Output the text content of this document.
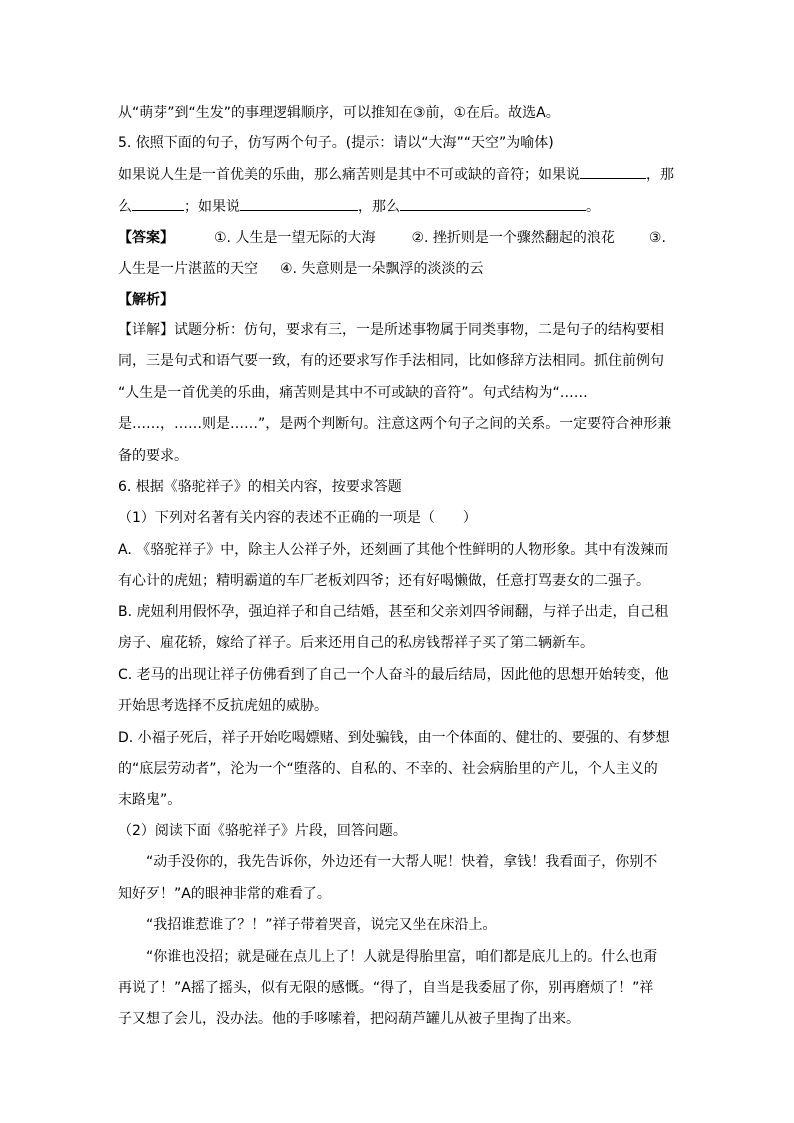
从“萌芽”到“生发”的事理逻辑顺序，可以推知在③前，①在后。故选A。
5. 依照下面的句子，仿写两个句子。(提示：请以“大海”“天空”为喻体)
如果说人生是一首优美的乐曲，那么痛苦则是其中不可或缺的音符；如果说	，那
么	；如果说	，那么	。
【答案】	①. 人生是一望无际的大海	②. 挫折则是一个骤然翻起的浪花 ③.
人生是一片湛蓝的天空 ④. 失意则是一朵飘浮的淡淡的云
【解析】
【详解】试题分析：仿句，要求有三，一是所述事物属于同类事物，二是句子的结构要相
同，三是句式和语气要一致，有的还要求写作手法相同，比如修辞方法相同。抓住前例句
“人生是一首优美的乐曲，痛苦则是其中不可或缺的音符”。句式结构为“……
是……，……则是……”，是两个判断句。注意这两个句子之间的关系。一定要符合神形兼
备的要求。
6. 根据《骆驼祥子》的相关内容，按要求答题
（1）下列对名著有关内容的表述不正确的一项是（　　）
A. 《骆驼祥子》中，除主人公祥子外，还刻画了其他个性鲜明的人物形象。其中有泼辣而
有心计的虎妞；精明霸道的车厂老板刘四爷；还有好喝懒做，任意打骂妻女的二强子。
B. 虎妞利用假怀孕，强迫祥子和自己结婚，甚至和父亲刘四爷闹翻，与祥子出走，自己租
房子、雇花轿，嫁给了祥子。后来还用自己的私房钱帮祥子买了第二辆新车。
C. 老马的出现让祥子仿佛看到了自己一个人奋斗的最后结局，因此他的思想开始转变，他
开始思考选择不反抗虎妞的威胁。
D. 小福子死后，祥子开始吃喝嫖赌、到处骗钱，由一个体面的、健壮的、要强的、有梦想
的“底层劳动者”，沦为一个“堕落的、自私的、不幸的、社会病胎里的产儿，个人主义的
末路鬼”。
（2）阅读下面《骆驼祥子》片段，回答问题。
“动手没你的，我先告诉你，外边还有一大帮人呢！快着，拿钱！我看面子，你别不
知好歹！”A的眼神非常的难看了。
“我招谁惹谁了？！”祥子带着哭音，说完又坐在床沿上。
“你谁也没招；就是碰在点儿上了！人就是得胎里富，咱们都是底儿上的。什么也甭
再说了！”A摇了摇头，似有无限的感慨。“得了，自当是我委屈了你，别再磨烦了！”祥
子又想了会儿，没办法。他的手哆嗦着，把闷葫芦罐儿从被子里掏了出来。
